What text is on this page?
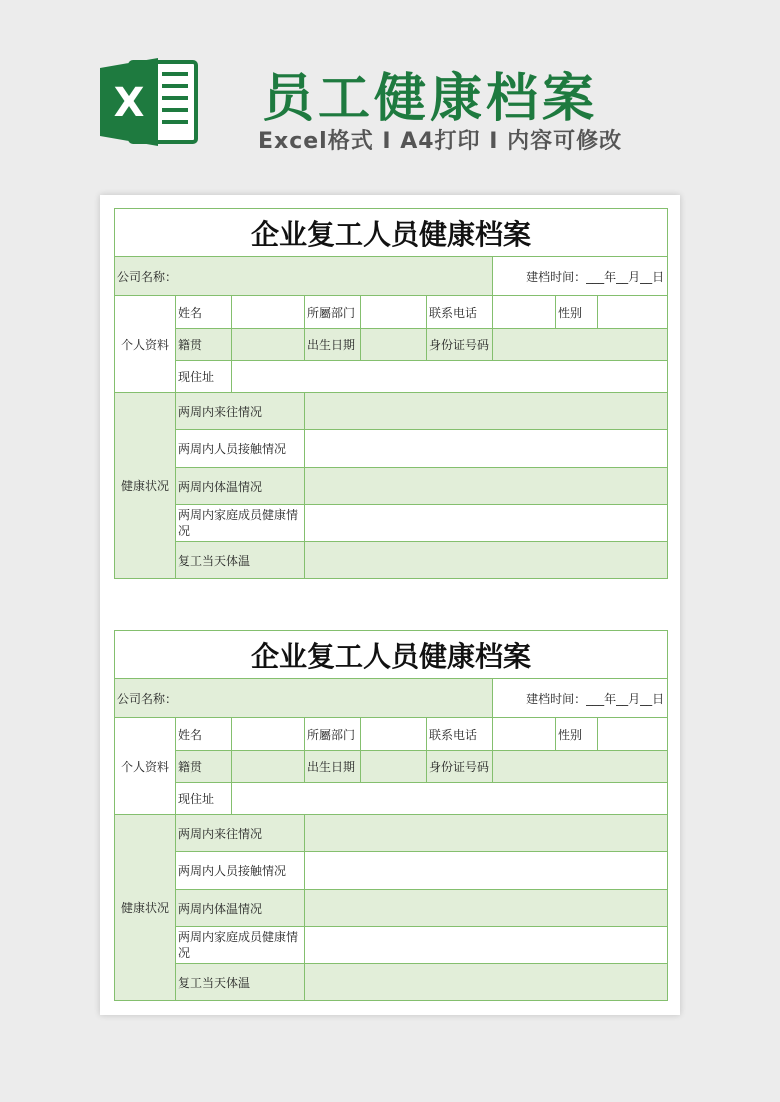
X 员工健康档案
Excel格式 I A4打印 I 内容可修改
企业复工人员健康档案								
公司名称：						建档时间：___年__月__日		
个人资料	姓名		所屬部门		联系电话		性别	
	籍贯		出生日期		身份证号码			
	现住址							
健康状况	两周内来往情况							
	两周内人员接触情况							
	两周内体温情况							
	两周内家庭成员健康情况							
	复工当天体温							
企业复工人员健康档案								
公司名称：						建档时间：___年__月__日		
个人资料	姓名		所屬部门		联系电话		性别	
	籍贯		出生日期		身份证号码			
	现住址							
健康状况	两周内来往情况							
	两周内人员接触情况							
	两周内体温情况							
	两周内家庭成员健康情况							
	复工当天体温							
